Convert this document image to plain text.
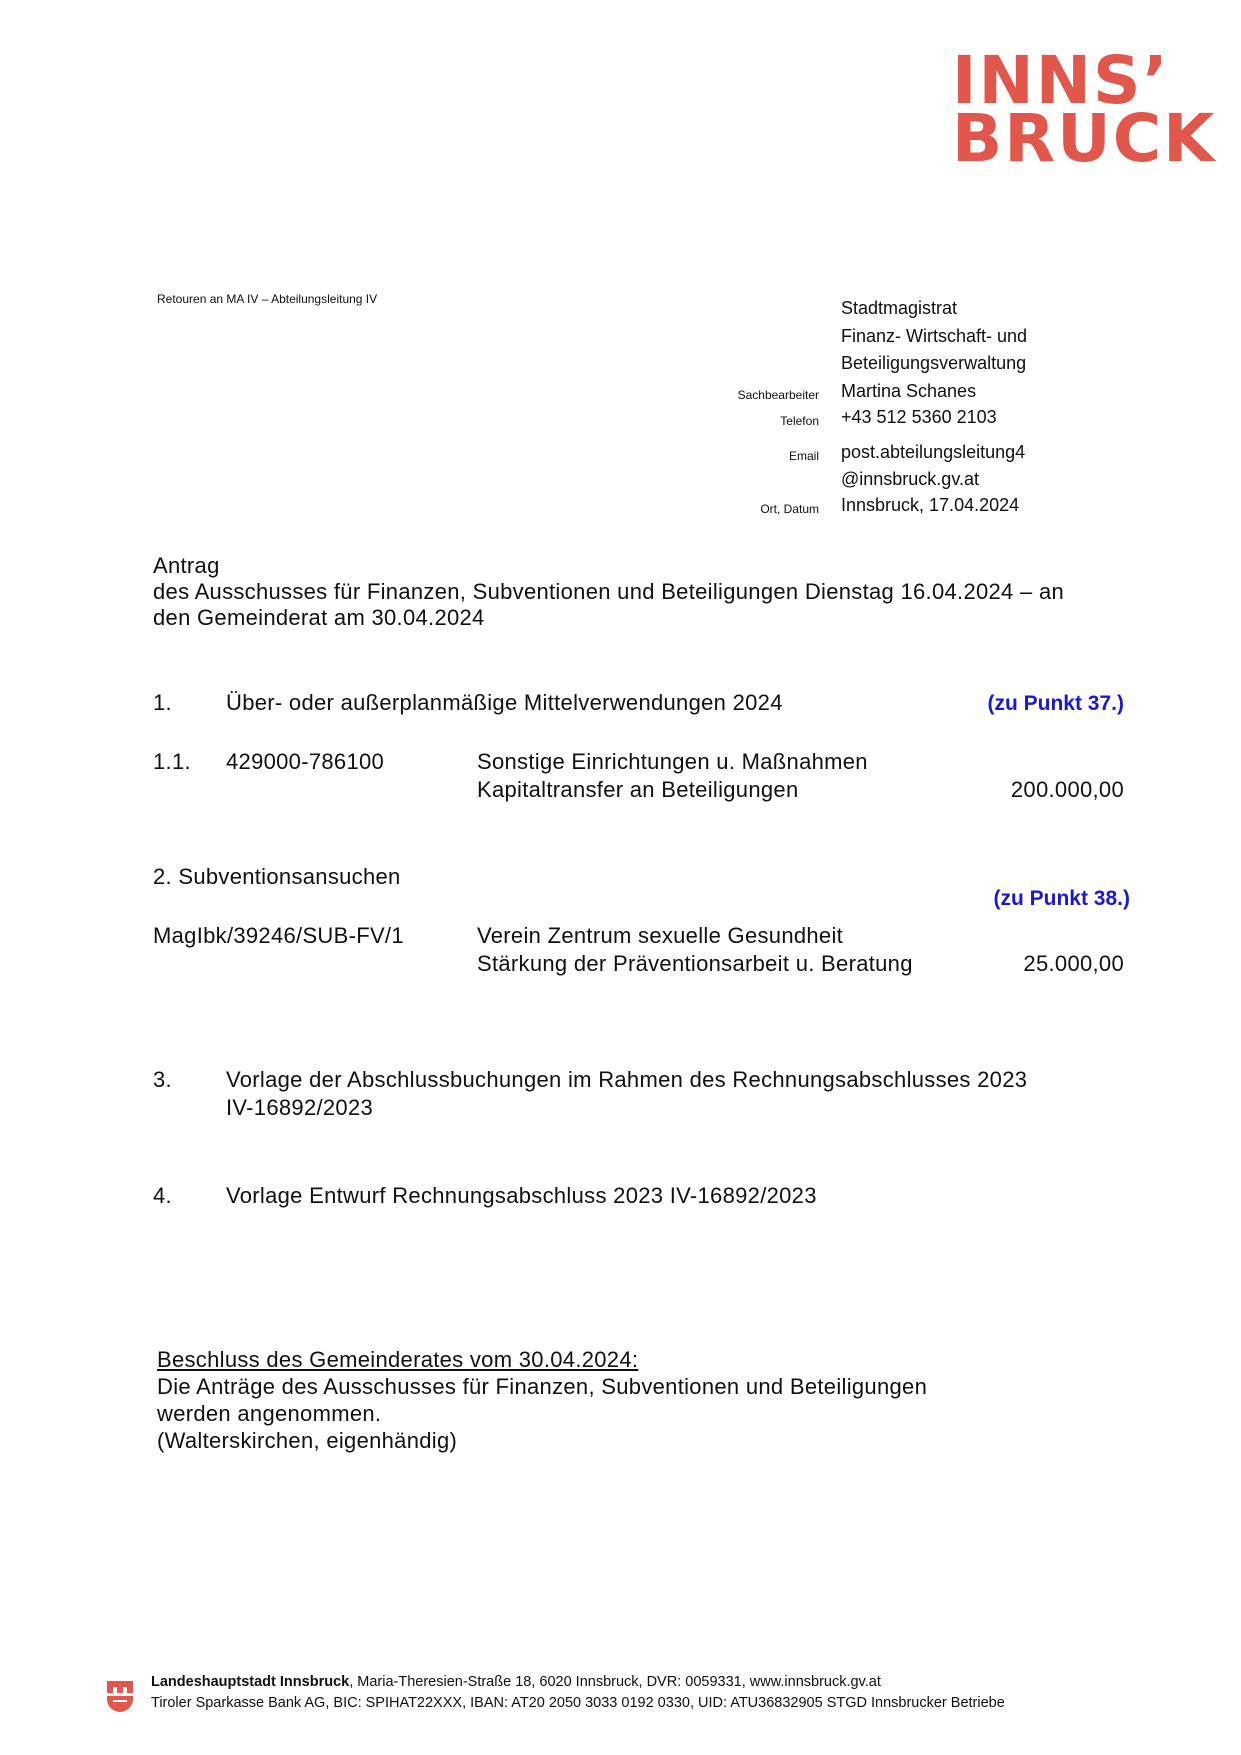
INNS’
BRUCK
Retouren an MA IV – Abteilungsleitung IV	Stadtmagistrat
Finanz- Wirtschaft- und
Beteiligungsverwaltung
Sachbearbeiter Martina Schanes
Telefon +43 512 5360 2103
Email post.abteilungsleitung4
@innsbruck.gv.at
Ort, Datum Innsbruck, 17.04.2024
Antrag
des Ausschusses für Finanzen, Subventionen und Beteiligungen Dienstag 16.04.2024 – an
den Gemeinderat am 30.04.2024
1. Über- oder außerplanmäßige Mittelverwendungen 2024	(zu Punkt 37.)
1.1. 429000-786100	Sonstige Einrichtungen u. Maßnahmen
Kapitaltransfer an Beteiligungen	200.000,00
2. Subventionsansuchen
(zu Punkt 38.)
MagIbk/39246/SUB-FV/1	Verein Zentrum sexuelle Gesundheit
Stärkung der Präventionsarbeit u. Beratung	25.000,00
3. Vorlage der Abschlussbuchungen im Rahmen des Rechnungsabschlusses 2023
IV-16892/2023
4. Vorlage Entwurf Rechnungsabschluss 2023 IV-16892/2023
Beschluss des Gemeinderates vom 30.04.2024:
Die Anträge des Ausschusses für Finanzen, Subventionen und Beteiligungen
werden angenommen.
(Walterskirchen, eigenhändig)
Landeshauptstadt Innsbruck, Maria-Theresien-Straße 18, 6020 Innsbruck, DVR: 0059331, www.innsbruck.gv.at
Tiroler Sparkasse Bank AG, BIC: SPIHAT22XXX, IBAN: AT20 2050 3033 0192 0330, UID: ATU36832905 STGD Innsbrucker Betriebe
